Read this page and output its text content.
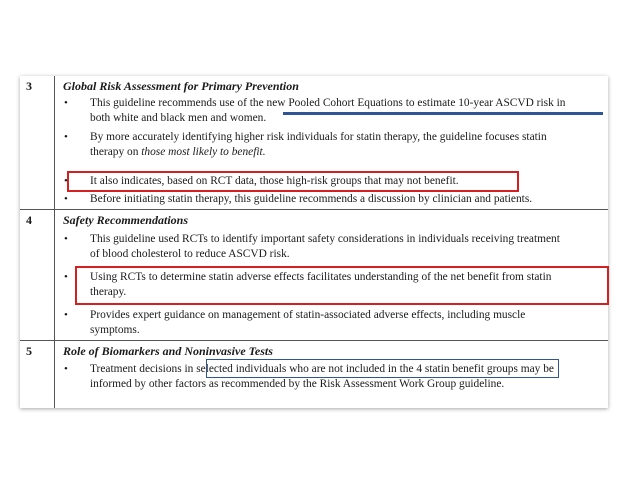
3	Global Risk Assessment for Primary Prevention
• This guideline recommends use of the new Pooled Cohort Equations to estimate 10-year ASCVD risk in
both white and black men and women.
• By more accurately identifying higher risk individuals for statin therapy, the guideline focuses statin
therapy on those most likely to benefit.
• It also indicates, based on RCT data, those high-risk groups that may not benefit.
• Before initiating statin therapy, this guideline recommends a discussion by clinician and patients.
4	Safety Recommendations
• This guideline used RCTs to identify important safety considerations in individuals receiving treatment
of blood cholesterol to reduce ASCVD risk.
• Using RCTs to determine statin adverse effects facilitates understanding of the net benefit from statin
therapy.
• Provides expert guidance on management of statin-associated adverse effects, including muscle
symptoms.
5	Role of Biomarkers and Noninvasive Tests
• Treatment decisions in selected individuals who are not included in the 4 statin benefit groups may be
informed by other factors as recommended by the Risk Assessment Work Group guideline.
